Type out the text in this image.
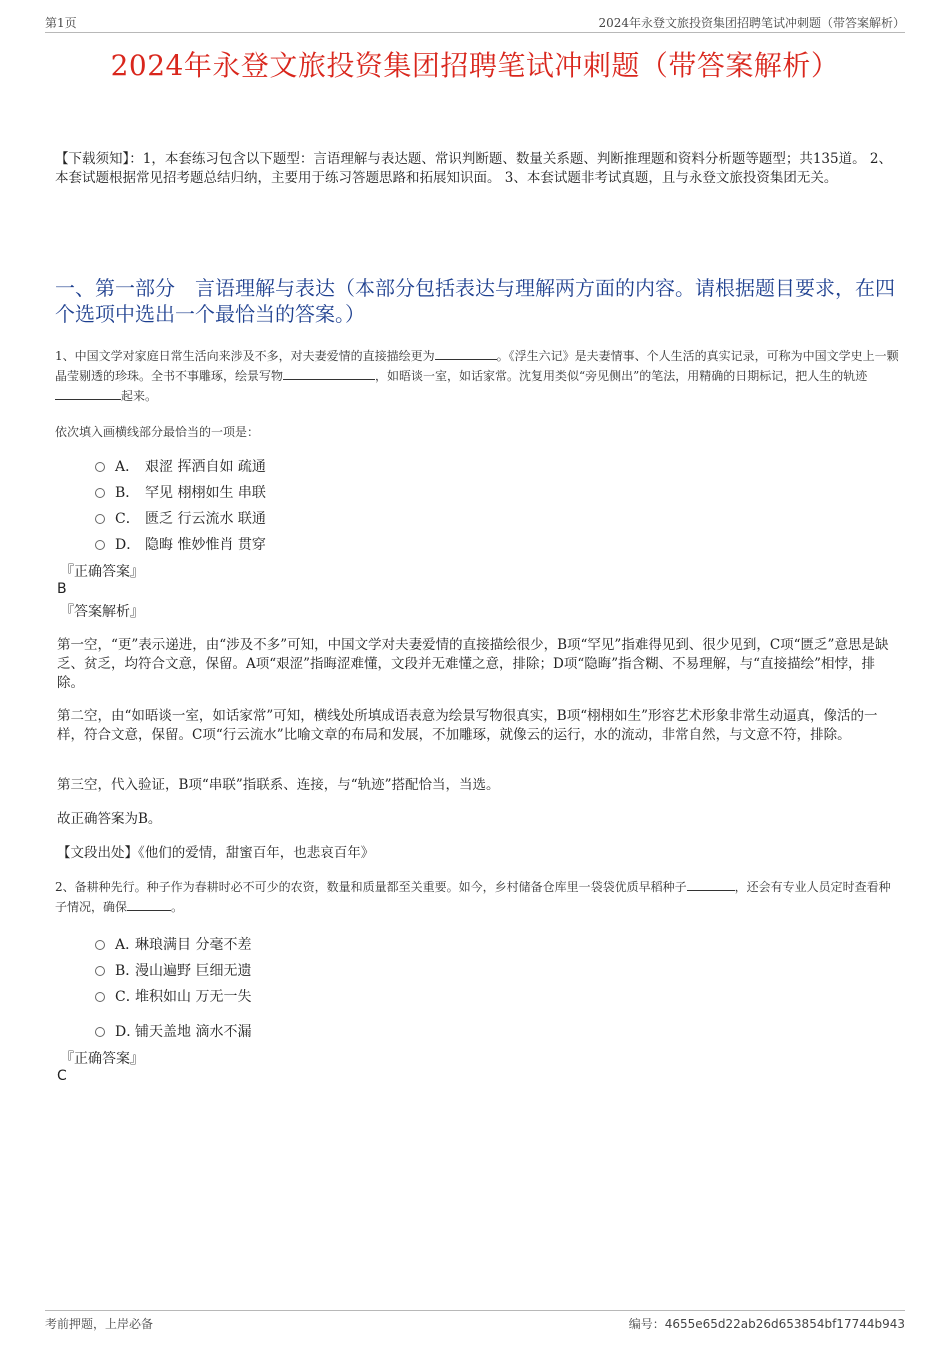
第1页	2024年永登文旅投资集团招聘笔试冲刺题（带答案解析）
2024年永登文旅投资集团招聘笔试冲刺题（带答案解析）
【下载须知】：1，本套练习包含以下题型：言语理解与表达题、常识判断题、数量关系题、判断推理题和资料分析题等题型；共135道。 2、本套试题根据常见招考题总结归纳，主要用于练习答题思路和拓展知识面。 3、本套试题非考试真题，且与永登文旅投资集团无关。
一、第一部分　言语理解与表达（本部分包括表达与理解两方面的内容。请根据题目要求，在四个选项中选出一个最恰当的答案。）
1、中国文学对家庭日常生活向来涉及不多，对夫妻爱情的直接描绘更为	。《浮生六记》是夫妻情事、个人生活的真实记录，可称为中国文学史上一颗晶莹剔透的珍珠。全书不事雕琢，绘景写物	，如晤谈一室，如话家常。沈复用类似“旁见侧出”的笔法，用精确的日期标记，把人生的轨迹起来。
依次填入画横线部分最恰当的一项是：
A． 艰涩 挥洒自如 疏通
B． 罕见 栩栩如生 串联
C． 匮乏 行云流水 联通
D． 隐晦 惟妙惟肖 贯穿
『正确答案』
B
『答案解析』
第一空，“更”表示递进，由“涉及不多”可知，中国文学对夫妻爱情的直接描绘很少，B项“罕见”指难得见到、很少见到，C项“匮乏”意思是缺乏、贫乏，均符合文意，保留。A项“艰涩”指晦涩难懂，文段并无难懂之意，排除；D项“隐晦”指含糊、不易理解，与“直接描绘”相悖，排除。
第二空，由“如晤谈一室，如话家常”可知，横线处所填成语表意为绘景写物很真实，B项“栩栩如生”形容艺术形象非常生动逼真，像活的一样，符合文意，保留。C项“行云流水”比喻文章的布局和发展，不加雕琢，就像云的运行，水的流动，非常自然，与文意不符，排除。
第三空，代入验证，B项“串联”指联系、连接，与“轨迹”搭配恰当，当选。
故正确答案为B。
【文段出处】《他们的爱情，甜蜜百年，也悲哀百年》
2、备耕种先行。种子作为春耕时必不可少的农资，数量和质量都至关重要。如今，乡村储备仓库里一袋袋优质早稻种子	，还会有专业人员定时查看种子情况，确保	。
A．
琳琅满目 分毫不差
B．
漫山遍野 巨细无遗
C．
堆积如山 万无一失
D．
铺天盖地 滴水不漏
『正确答案』
C
考前押题，上岸必备	编号：4655e65d22ab26d653854bf17744b943
